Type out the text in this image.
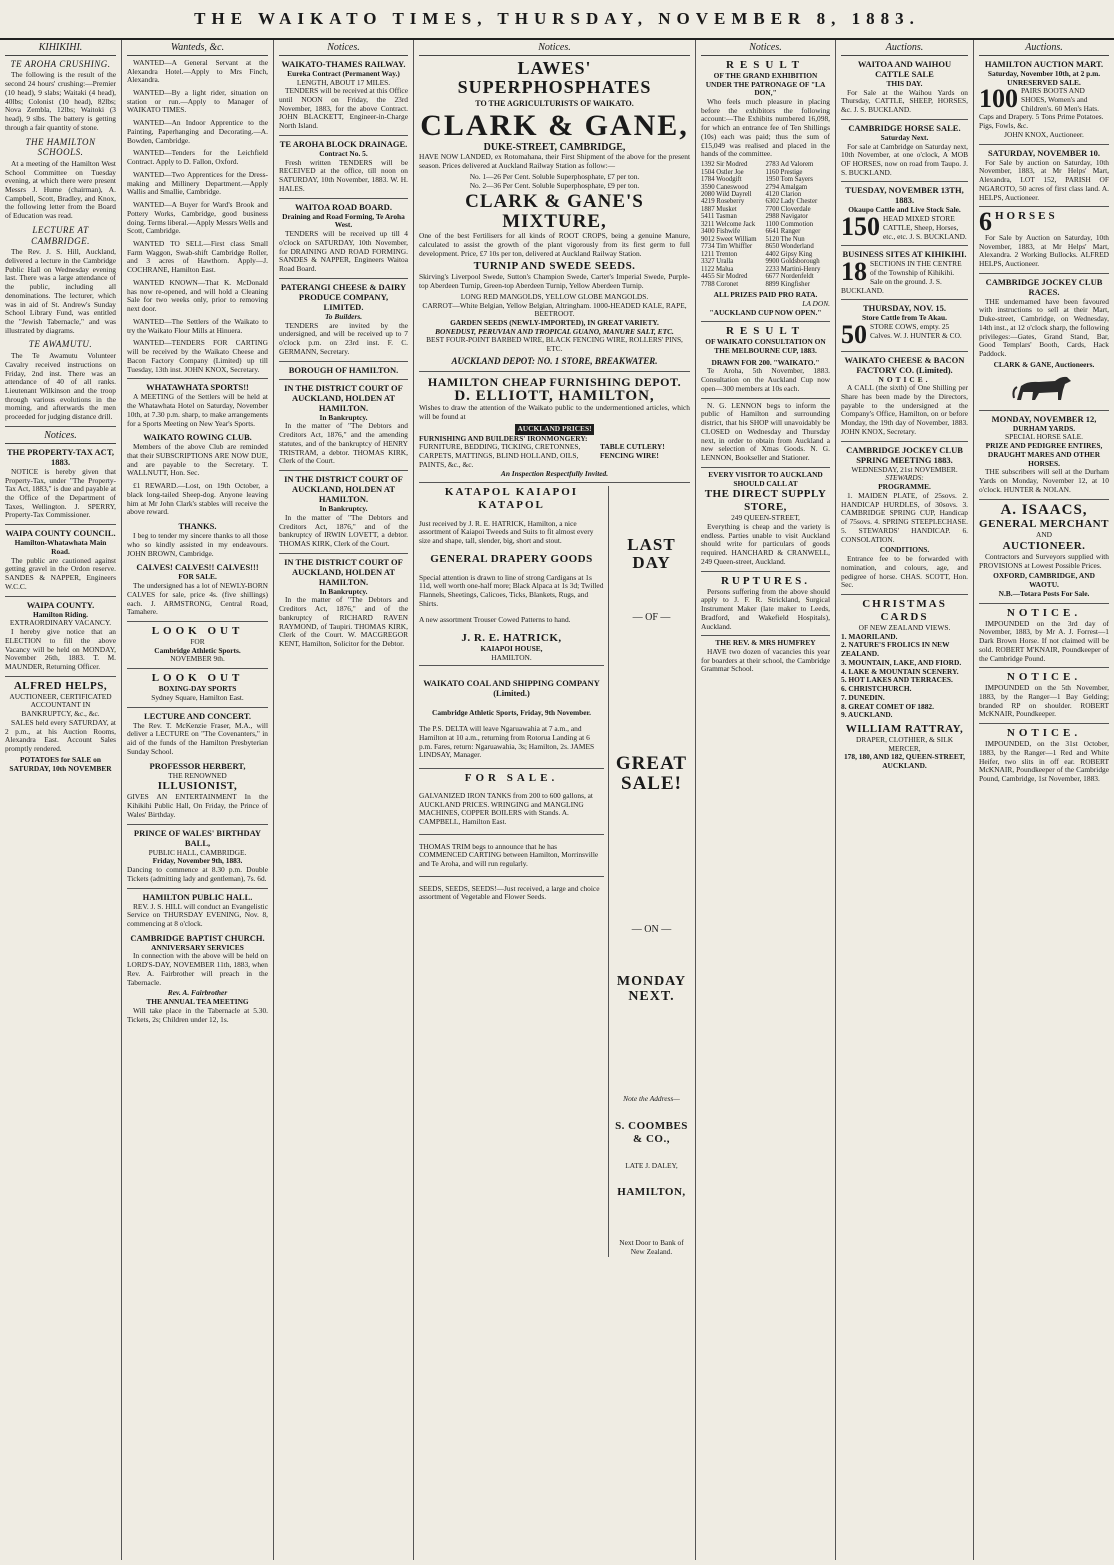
THE WAIKATO TIMES, THURSDAY, NOVEMBER 8, 1883.
KIHIKIHI.
TE AROHA CRUSHING.

The following is the result of the second 24 hours' crushing:—Premier (10 head), 9 slabs; Waitaki (4 head), 40lbs; Colonist (10 head), 82lbs; Nova Zembla, 12lbs; Waitoki (3 head), 9 slbs. The battery is getting through a fair quantity of stone.

THE HAMILTON SCHOOLS.

At a meeting of the Hamilton West School Committee on Tuesday evening, at which there were present Messrs J. Hume (chairman), A. Campbell, Scott, Bradley, and Knox, the following letter from the Board of Education was read.

LECTURE AT CAMBRIDGE.

The Rev. J. S. Hill, Auckland, delivered a lecture in the Cambridge Public Hall on Wednesday evening last. There was a large attendance of the public, including all denominations. The lecturer, which was in aid of St. Andrew's Sunday School Library Fund, was entitled the "Jewish Tabernacle," and was illustrated by diagrams.

TE AWAMUTU.

The Te Awamutu Volunteer Cavalry received instructions on Friday, 2nd inst. There was an attendance of 40 of all ranks. Lieutenant Wilkinson and the troop through various evolutions in the morning, and afterwards the men proceeded for judging distance drill.

Notices.
THE PROPERTY-TAX ACT, 1883.

NOTICE is hereby given that Property-Tax, under "The Property-Tax Act, 1883," is due and payable at the Office of the Department of Taxes, Wellington. J. SPERRY, Property-Tax Commissioner.

WAIPA COUNTY COUNCIL.
Hamilton-Whatawhata Main Road.

The public are cautioned against getting gravel in the Ordon reserve. SANDES & NAPPER, Engineers W.C.C.

WAIPA COUNTY.
Hamilton Riding.
EXTRAORDINARY VACANCY.

I hereby give notice that an ELECTION to fill the above Vacancy will be held on MONDAY, November 26th, 1883. T. M. MAUNDER, Returning Officer.

ALFRED HELPS,
AUCTIONEER, CERTIFICATED ACCOUNTANT IN BANKRUPTCY, &c., &c.

SALES held every SATURDAY, at 2 p.m., at his Auction Rooms, Alexandra East. Account Sales promptly rendered.

POTATOES for SALE on SATURDAY, 10th NOVEMBER
Wanteds, &c.

WANTED—A General Servant at the Alexandra Hotel.—Apply to Mrs Finch, Alexandra.

WANTED—By a light rider, situation on station or run.—Apply to Manager of WAIKATO TIMES.

WANTED—An Indoor Apprentice to the Painting, Paperhanging and Decorating.—A. Bowden, Cambridge.

WANTED—Tenders for the Leichfield Contract. Apply to D. Fallon, Oxford.

WANTED—Two Apprentices for the Dress-making and Millinery Department.—Apply Wallis and Smallie, Cambridge.

WANTED—A Buyer for Ward's Brook and Pottery Works, Cambridge, good business doing. Terms liberal.—Apply Messrs Wells and Scott, Cambridge.

WANTED TO SELL—First class Small Farm Waggon, Swab-shift Cambridge Roller, and 3 acres of Hawthorn. Apply—J. COCHRANE, Hamilton East.

WANTED KNOWN—That K. McDonald has now re-opened, and will hold a Cleaning Sale for two weeks only, prior to removing next door.

WANTED—The Settlers of the Waikato to try the Waikato Flour Mills at Hinuera.

WANTED—TENDERS FOR CARTING will be received by the Waikato Cheese and Bacon Factory Company (Limited) up till Tuesday, 13th inst. JOHN KNOX, Secretary.

WHATAWHATA SPORTS!!

A MEETING of the Settlers will be held at the Whatawhata Hotel on Saturday, November 10th, at 7.30 p.m. sharp, to make arrangements for a Sports Meeting on New Year's Sports.

WAIKATO ROWING CLUB.

Members of the above Club are reminded that their SUBSCRIPTIONS ARE NOW DUE, and are payable to the Secretary. T. WALLNUTT, Hon. Sec.

£1 REWARD.—Lost, on 19th October, a black long-tailed Sheep-dog. Anyone leaving him at Mr John Clark's stables will receive the above reward.

THANKS.

I beg to tender my sincere thanks to all those who so kindly assisted in my endeavours. JOHN BROWN, Cambridge.

CALVES! CALVES!! CALVES!!!
FOR SALE.

The undersigned has a lot of NEWLY-BORN CALVES for sale, price 4s. (five shillings) each. J. ARMSTRONG, Central Road, Tamahere.

LOOK OUT
FOR
Cambridge Athletic Sports.
NOVEMBER 9th.
LOOK OUT
BOXING-DAY SPORTS
Sydney Square, Hamilton East.
LECTURE AND CONCERT.

The Rev. T. McKenzie Fraser, M.A., will deliver a LECTURE on "The Covenanters," in aid of the funds of the Hamilton Presbyterian Sunday School.

PROFESSOR HERBERT,
THE RENOWNED
ILLUSIONIST,

GIVES AN ENTERTAINMENT In the Kihikihi Public Hall, On Friday, the Prince of Wales' Birthday.

PRINCE OF WALES' BIRTHDAY BALL,
PUBLIC HALL, CAMBRIDGE.
Friday, November 9th, 1883.

Dancing to commence at 8.30 p.m. Double Tickets (admitting lady and gentleman), 7s. 6d.

HAMILTON PUBLIC HALL.

REV. J. S. HILL will conduct an Evangelistic Service on THURSDAY EVENING, Nov. 8, commencing at 8 o'clock.

CAMBRIDGE BAPTIST CHURCH.
ANNIVERSARY SERVICES

In connection with the above will be held on LORD'S-DAY, NOVEMBER 11th, 1883, when Rev. A. Fairbrother will preach in the Tabernacle.

Rev. A. Fairbrother
THE ANNUAL TEA MEETING

Will take place in the Tabernacle at 5.30. Tickets, 2s; Children under 12, 1s.

Notices.
WAIKATO-THAMES RAILWAY.
Eureka Contract (Permanent Way.)
LENGTH, ABOUT 17 MILES.

TENDERS will be received at this Office until NOON on Friday, the 23rd November, 1883, for the above Contract. JOHN BLACKETT, Engineer-in-Charge North Island.

TE AROHA BLOCK DRAINAGE.
Contract No. 5.

Fresh written TENDERS will be RECEIVED at the office, till noon on SATURDAY, 10th November, 1883. W. H. HALES.

WAITOA ROAD BOARD.
Draining and Road Forming, Te Aroha West.

TENDERS will be received up till 4 o'clock on SATURDAY, 10th November, for DRAINING AND ROAD FORMING. SANDES & NAPPER, Engineers Waitoa Road Board.

PATERANGI CHEESE & DAIRY PRODUCE COMPANY, LIMITED.
To Builders.

TENDERS are invited by the undersigned, and will be received up to 7 o'clock p.m. on 23rd inst. F. C. GERMANN, Secretary.

BOROUGH OF HAMILTON.
IN THE DISTRICT COURT OF AUCKLAND, HOLDEN AT HAMILTON.
In Bankruptcy.

In the matter of "The Debtors and Creditors Act, 1876," and the amending statutes, and of the bankruptcy of HENRY TRISTRAM, a debtor. THOMAS KIRK, Clerk of the Court.

IN THE DISTRICT COURT OF AUCKLAND, HOLDEN AT HAMILTON.
In Bankruptcy.

In the matter of "The Debtors and Creditors Act, 1876," and of the bankruptcy of IRWIN LOVETT, a debtor. THOMAS KIRK, Clerk of the Court.

IN THE DISTRICT COURT OF AUCKLAND, HOLDEN AT HAMILTON.
In Bankruptcy.

In the matter of "The Debtors and Creditors Act, 1876," and of the bankruptcy of RICHARD RAVEN RAYMOND, of Taupiri. THOMAS KIRK, Clerk of the Court. W. MACGREGOR KENT, Hamilton, Solicitor for the Debtor.

Notices.
LAWES' SUPERPHOSPHATES
TO THE AGRICULTURISTS OF WAIKATO.
CLARK & GANE,
DUKE-STREET, CAMBRIDGE,

HAVE NOW LANDED, ex Rotomahana, their First Shipment of the above for the present season. Prices delivered at Auckland Railway Station as follow:—

No. 1—26 Per Cent. Soluble Superphosphate, £7 per ton.
No. 2—36 Per Cent. Soluble Superphosphate, £9 per ton.
CLARK & GANE'S MIXTURE,

One of the best Fertilisers for all kinds of ROOT CROPS, being a genuine Manure, calculated to assist the growth of the plant vigorously from its first germ to full development. Price, £7 10s per ton, delivered at Auckland Railway Station.

TURNIP AND SWEDE SEEDS.

Skirving's Liverpool Swede, Sutton's Champion Swede, Carter's Imperial Swede, Purple-top Aberdeen Turnip, Green-top Aberdeen Turnip, Yellow Aberdeen Turnip.

LONG RED MANGOLDS, YELLOW GLOBE MANGOLDS.
CARROT—White Belgian, Yellow Belgian, Altringham. 1000-HEADED KALE, RAPE, BEETROOT.
GARDEN SEEDS (NEWLY-IMPORTED), IN GREAT VARIETY.
BONEDUST, PERUVIAN AND TROPICAL GUANO, MANURE SALT, ETC.
BEST FOUR-POINT BARBED WIRE, BLACK FENCING WIRE, ROLLERS' PINS, ETC.
AUCKLAND DEPOT: NO. 1 STORE, BREAKWATER.
HAMILTON CHEAP FURNISHING DEPOT.
D. ELLIOTT, HAMILTON,

Wishes to draw the attention of the Waikato public to the undermentioned articles, which will be found at

AUCKLAND PRICES!
FURNISHING AND BUILDERS' IRONMONGERY:
FURNITURE, BEDDING, TICKING, CRETONNES, CARPETS, MATTINGS, BLIND HOLLAND, OILS, PAINTS, &c., &c.
TABLE CUTLERY!
FENCING WIRE!
An Inspection Respectfully Invited.
KATAPOL KAIAPOI KATAPOL

Just received by J. R. E. HATRICK, Hamilton, a nice assortment of Kaiapoi Tweeds and Suits to fit almost every size and shape, tall, slender, big, short and stout.

GENERAL DRAPERY GOODS

Special attention is drawn to line of strong Cardigans at 1s 11d, well worth one-half more; Black Alpaca at 1s 3d; Twilled Flannels, Sheetings, Calicoes, Ticks, Blankets, Rugs, and Shirts.

A new assortment Trouser Cowed Patterns to hand.

J. R. E. HATRICK,
KAIAPOI HOUSE,
HAMILTON.
WAIKATO COAL AND SHIPPING COMPANY (Limited.)
Cambridge Athletic Sports, Friday, 9th November.

The P.S. DELTA will leave Ngaruawahia at 7 a.m., and Hamilton at 10 a.m., returning from Rotorua Landing at 6 p.m. Fares, return: Ngaruawahia, 3s; Hamilton, 2s. JAMES LINDSAY, Manager.

FOR SALE.

GALVANIZED IRON TANKS from 200 to 600 gallons, at AUCKLAND PRICES. WRINGING and MANGLING MACHINES, COPPER BOILERS with Stands. A. CAMPBELL, Hamilton East.

THOMAS TRIM begs to announce that he has COMMENCED CARTING between Hamilton, Morrinsville and Te Aroha, and will run regularly.

SEEDS, SEEDS, SEEDS!—Just received, a large and choice assortment of Vegetable and Flower Seeds.

LAST DAY
— OF —
GREAT SALE!
— ON —
MONDAY NEXT.
Note the Address—
S. COOMBES & CO.,
LATE J. DALEY,
HAMILTON,
Next Door to Bank of New Zealand.
Notices.
RESULT
OF THE GRAND EXHIBITION UNDER THE PATRONAGE OF "LA DON,"

Who feels much pleasure in placing before the exhibitors the following account:—The Exhibits numbered 16,098, for which an entrance fee of Ten Shillings (10s) each was paid; thus the sum of £15,049 was realised and placed in the hands of the committee.

1392 Sir Modred	2783 Ad Valorem
1504 Ostler Joe	1160 Prestige
1784 Woodgift	1950 Tom Sayers
3590 Caneswood	2794 Amalgam
2080 Wild Dayrell	4120 Clarion
4219 Roseberry	6302 Lady Chester
1887 Musket	7700 Cloverdale
5411 Tasman	2988 Navigator
3211 Welcome Jack	1100 Commotion
3400 Fishwife	6641 Ranger
9012 Sweet William	5120 The Nun
7734 Tim Whiffler	8650 Wonderland
1211 Trenton	4402 Gipsy King
3327 Uralla	9900 Goldsborough
1122 Malua	2233 Martini-Henry
4455 Sir Modred	6677 Nordenfeldt
7788 Coronet	8899 Kingfisher
ALL PRIZES PAID PRO RATA.
LA DON.
"AUCKLAND CUP NOW OPEN."
RESULT
OF WAIKATO CONSULTATION ON THE MELBOURNE CUP, 1883.
DRAWN FOR 200. "WAIKATO."

Te Aroha, 5th November, 1883. Consultation on the Auckland Cup now open—300 members at 10s each.

N. G. LENNON begs to inform the public of Hamilton and surrounding district, that his SHOP will unavoidably be CLOSED on Wednesday and Thursday next, in order to obtain from Auckland a new selection of Xmas Goods. N. G. LENNON, Bookseller and Stationer.

EVERY VISITOR TO AUCKLAND SHOULD CALL AT
THE DIRECT SUPPLY STORE,
249 QUEEN-STREET,

Everything is cheap and the variety is endless. Parties unable to visit Auckland should write for particulars of goods required. HANCHARD & CRANWELL, 249 Queen-street, Auckland.

RUPTURES.

Persons suffering from the above should apply to J. F. R. Strickland, Surgical Instrument Maker (late maker to Leeds, Bradford, and Wakefield Hospitals), Auckland.

THE REV. & MRS HUMFREY

HAVE two dozen of vacancies this year for boarders at their school, the Cambridge Grammar School.

Auctions.
WAITOA AND WAIHOU CATTLE SALE
THIS DAY.

For Sale at the Waihou Yards on Thursday, CATTLE, SHEEP, HORSES, &c. J. S. BUCKLAND.

CAMBRIDGE HORSE SALE.
Saturday Next.

For sale at Cambridge on Saturday next, 10th November, at one o'clock, A MOB OF HORSES, now on road from Taupo. J. S. BUCKLAND.

TUESDAY, NOVEMBER 13TH, 1883.
Okaupo Cattle and Live Stock Sale.
150 HEAD MIXED STORE CATTLE, Sheep, Horses, etc., etc. J. S. BUCKLAND.
BUSINESS SITES AT KIHIKIHI.
18 SECTIONS IN THE CENTRE of the Township of Kihikihi. Sale on the ground. J. S. BUCKLAND.
THURSDAY, NOV. 15.
Store Cattle from Te Akau.
50 STORE COWS, empty. 25 Calves. W. J. HUNTER & CO.
WAIKATO CHEESE & BACON FACTORY CO. (Limited).
NOTICE.

A CALL (the sixth) of One Shilling per Share has been made by the Directors, payable to the undersigned at the Company's Office, Hamilton, on or before Monday, the 19th day of November, 1883. JOHN KNOX, Secretary.

CAMBRIDGE JOCKEY CLUB SPRING MEETING 1883.
WEDNESDAY, 21st NOVEMBER.
STEWARDS:
PROGRAMME.

1. MAIDEN PLATE, of 25sovs. 2. HANDICAP HURDLES, of 30sovs. 3. CAMBRIDGE SPRING CUP, Handicap of 75sovs. 4. SPRING STEEPLECHASE. 5. STEWARDS' HANDICAP. 6. CONSOLATION.

CONDITIONS.

Entrance fee to be forwarded with nomination, and colours, age, and pedigree of horse. CHAS. SCOTT, Hon. Sec.

CHRISTMAS CARDS
OF NEW ZEALAND VIEWS.
1. MAORILAND.
2. NATURE'S FROLICS IN NEW ZEALAND.
3. MOUNTAIN, LAKE, AND FIORD.
4. LAKE & MOUNTAIN SCENERY.
5. HOT LAKES AND TERRACES.
6. CHRISTCHURCH.
7. DUNEDIN.
8. GREAT COMET OF 1882.
9. AUCKLAND.
WILLIAM RATTRAY,
DRAPER, CLOTHIER, & SILK MERCER,
178, 180, AND 182, QUEEN-STREET, AUCKLAND.
Auctions.
HAMILTON AUCTION MART.
Saturday, November 10th, at 2 p.m.
UNRESERVED SALE.
100 PAIRS BOOTS AND SHOES, Women's and Children's. 60 Men's Hats. Caps and Drapery. 5 Tons Prime Potatoes. Pigs, Fowls, &c.
JOHN KNOX, Auctioneer.
SATURDAY, NOVEMBER 10.

For Sale by auction on Saturday, 10th November, 1883, at Mr Helps' Mart, Alexandra, LOT 152, PARISH OF NGAROTO, 50 acres of first class land. A. HELPS, Auctioneer.

6 HORSES

For Sale by Auction on Saturday, 10th November, 1883, at Mr Helps' Mart, Alexandra. 2 Working Bullocks. ALFRED HELPS, Auctioneer.

CAMBRIDGE JOCKEY CLUB RACES.

THE undernamed have been favoured with instructions to sell at their Mart, Duke-street, Cambridge, on Wednesday, 14th inst., at 12 o'clock sharp, the following privileges:—Gates, Grand Stand, Bar, Good Templars' Booth, Cards, Hack Paddock.

CLARK & GANE, Auctioneers.
MONDAY, NOVEMBER 12,
DURHAM YARDS.
SPECIAL HORSE SALE.
PRIZE AND PEDIGREE ENTIRES, DRAUGHT MARES AND OTHER HORSES.

THE subscribers will sell at the Durham Yards on Monday, November 12, at 10 o'clock. HUNTER & NOLAN.

A. ISAACS,
GENERAL MERCHANT
AND
AUCTIONEER.

Contractors and Surveyors supplied with PROVISIONS at Lowest Possible Prices.

OXFORD, CAMBRIDGE, AND WAOTU.
N.B.—Totara Posts For Sale.
NOTICE.

IMPOUNDED on the 3rd day of November, 1883, by Mr A. J. Forrest—1 Dark Brown Horse. If not claimed will be sold. ROBERT M'KNAIR, Poundkeeper of the Cambridge Pound.

NOTICE.

IMPOUNDED on the 5th November, 1883, by the Ranger—1 Bay Gelding; branded RP on shoulder. ROBERT McKNAIR, Poundkeeper.

NOTICE.

IMPOUNDED, on the 31st October, 1883, by the Ranger—1 Red and White Heifer, two slits in off ear. ROBERT McKNAIR, Poundkeeper of the Cambridge Pound, Cambridge, 1st November, 1883.
